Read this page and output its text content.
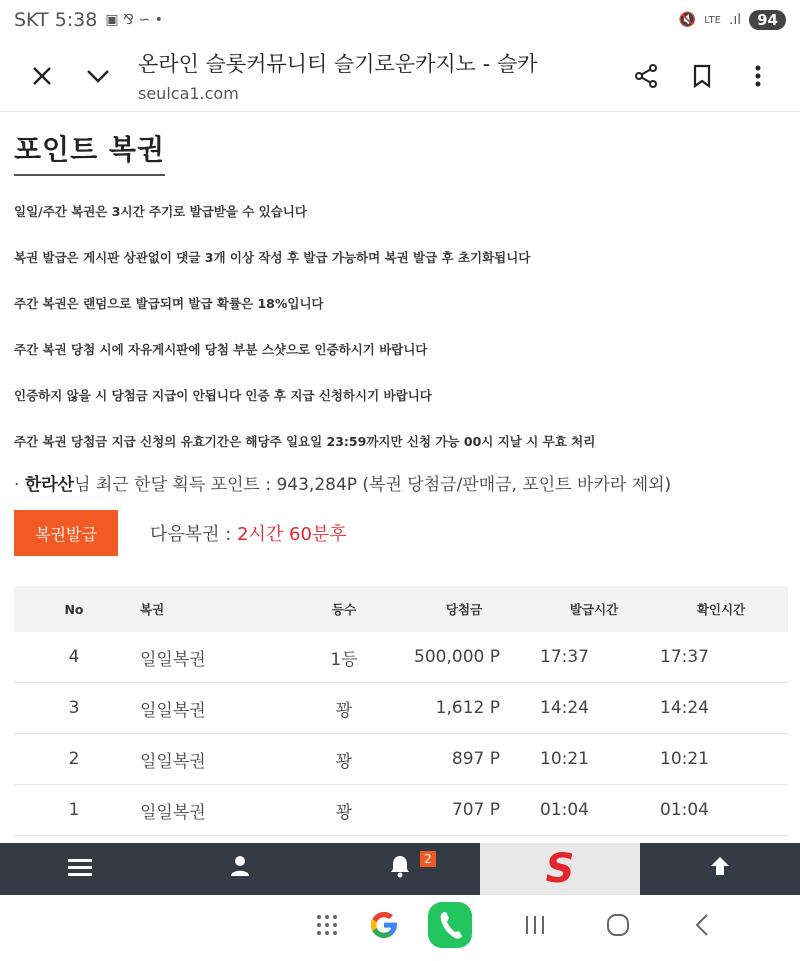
SKT 5:38 ▣ ⅋ ∽ •	🔇 LTE .ıl	94
온라인 슬롯커뮤니티 슬기로운카지노 - 슬카
seulca1.com
포인트 복권

일일/주간 복권은 3시간 주기로 발급받을 수 있습니다

복권 발급은 게시판 상관없이 댓글 3개 이상 작성 후 발급 가능하며 복권 발급 후 초기화됩니다

주간 복권은 랜덤으로 발급되며 발급 확률은 18%입니다

주간 복권 당첨 시에 자유게시판에 당첨 부분 스샷으로 인증하시기 바랍니다

인증하지 않을 시 당첨금 지급이 안됩니다 인증 후 지급 신청하시기 바랍니다

주간 복권 당첨금 지급 신청의 유효기간은 해당주 일요일 23:59까지만 신청 가능 00시 지날 시 무효 처리

· 한라산님 최근 한달 획득 포인트 : 943,284P (복권 당첨금/판매금, 포인트 바카라 제외)
복권발급	다음복권 : 2시간 60분후
No	복권	등수	당첨금	발급시간	확인시간
4	일일복권	1등	500,000 P	17:37	17:37
3	일일복권	꽝	1,612 P	14:24	14:24
2	일일복권	꽝	897 P	10:21	10:21
1	일일복권	꽝	707 P	01:04	01:04
2	S
